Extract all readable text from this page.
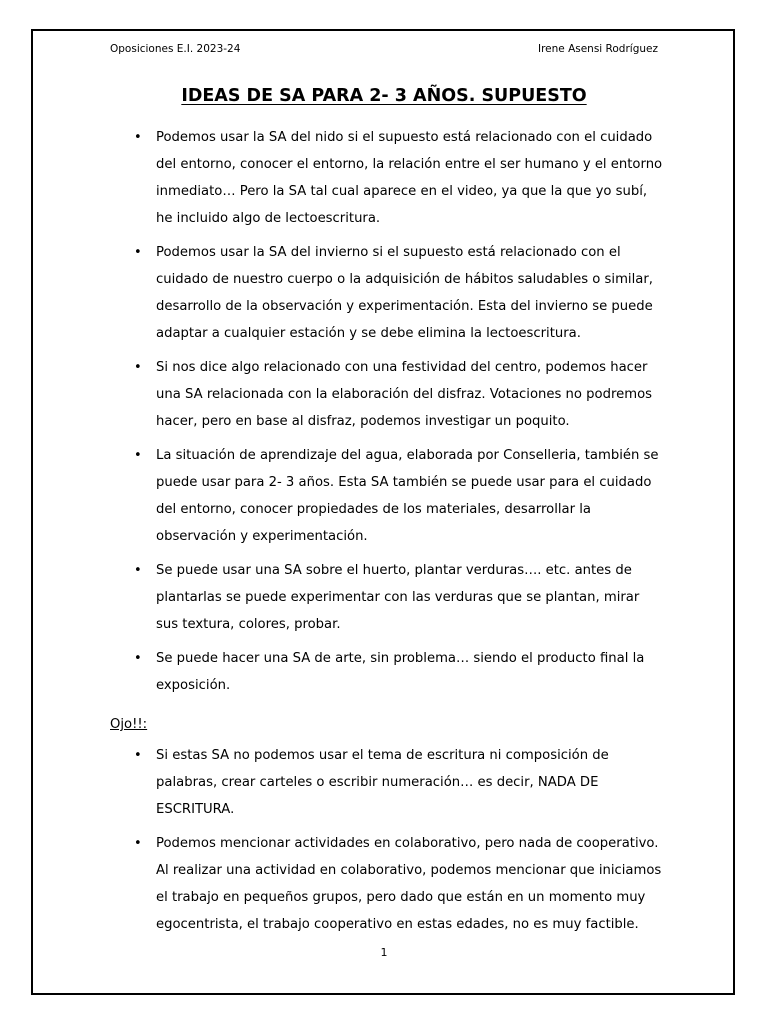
Oposiciones E.I. 2023-24	Irene Asensi Rodríguez
IDEAS DE SA PARA 2- 3 AÑOS. SUPUESTO
• Podemos usar la SA del nido si el supuesto está relacionado con el cuidado del entorno, conocer el entorno, la relación entre el ser humano y el entorno inmediato… Pero la SA tal cual aparece en el video, ya que la que yo subí, he incluido algo de lectoescritura.
• Podemos usar la SA del invierno si el supuesto está relacionado con el cuidado de nuestro cuerpo o la adquisición de hábitos saludables o similar, desarrollo de la observación y experimentación. Esta del invierno se puede adaptar a cualquier estación y se debe elimina la lectoescritura.
• Si nos dice algo relacionado con una festividad del centro, podemos hacer una SA relacionada con la elaboración del disfraz. Votaciones no podremos hacer, pero en base al disfraz, podemos investigar un poquito.
• La situación de aprendizaje del agua, elaborada por Conselleria, también se puede usar para 2- 3 años. Esta SA también se puede usar para el cuidado del entorno, conocer propiedades de los materiales, desarrollar la observación y experimentación.
• Se puede usar una SA sobre el huerto, plantar verduras…. etc. antes de plantarlas se puede experimentar con las verduras que se plantan, mirar sus textura, colores, probar.
• Se puede hacer una SA de arte, sin problema… siendo el producto final la exposición.
Ojo!!:
• Si estas SA no podemos usar el tema de escritura ni composición de palabras, crear carteles o escribir numeración… es decir, NADA DE ESCRITURA.
• Podemos mencionar actividades en colaborativo, pero nada de cooperativo. Al realizar una actividad en colaborativo, podemos mencionar que iniciamos el trabajo en pequeños grupos, pero dado que están en un momento muy egocentrista, el trabajo cooperativo en estas edades, no es muy factible.
1
